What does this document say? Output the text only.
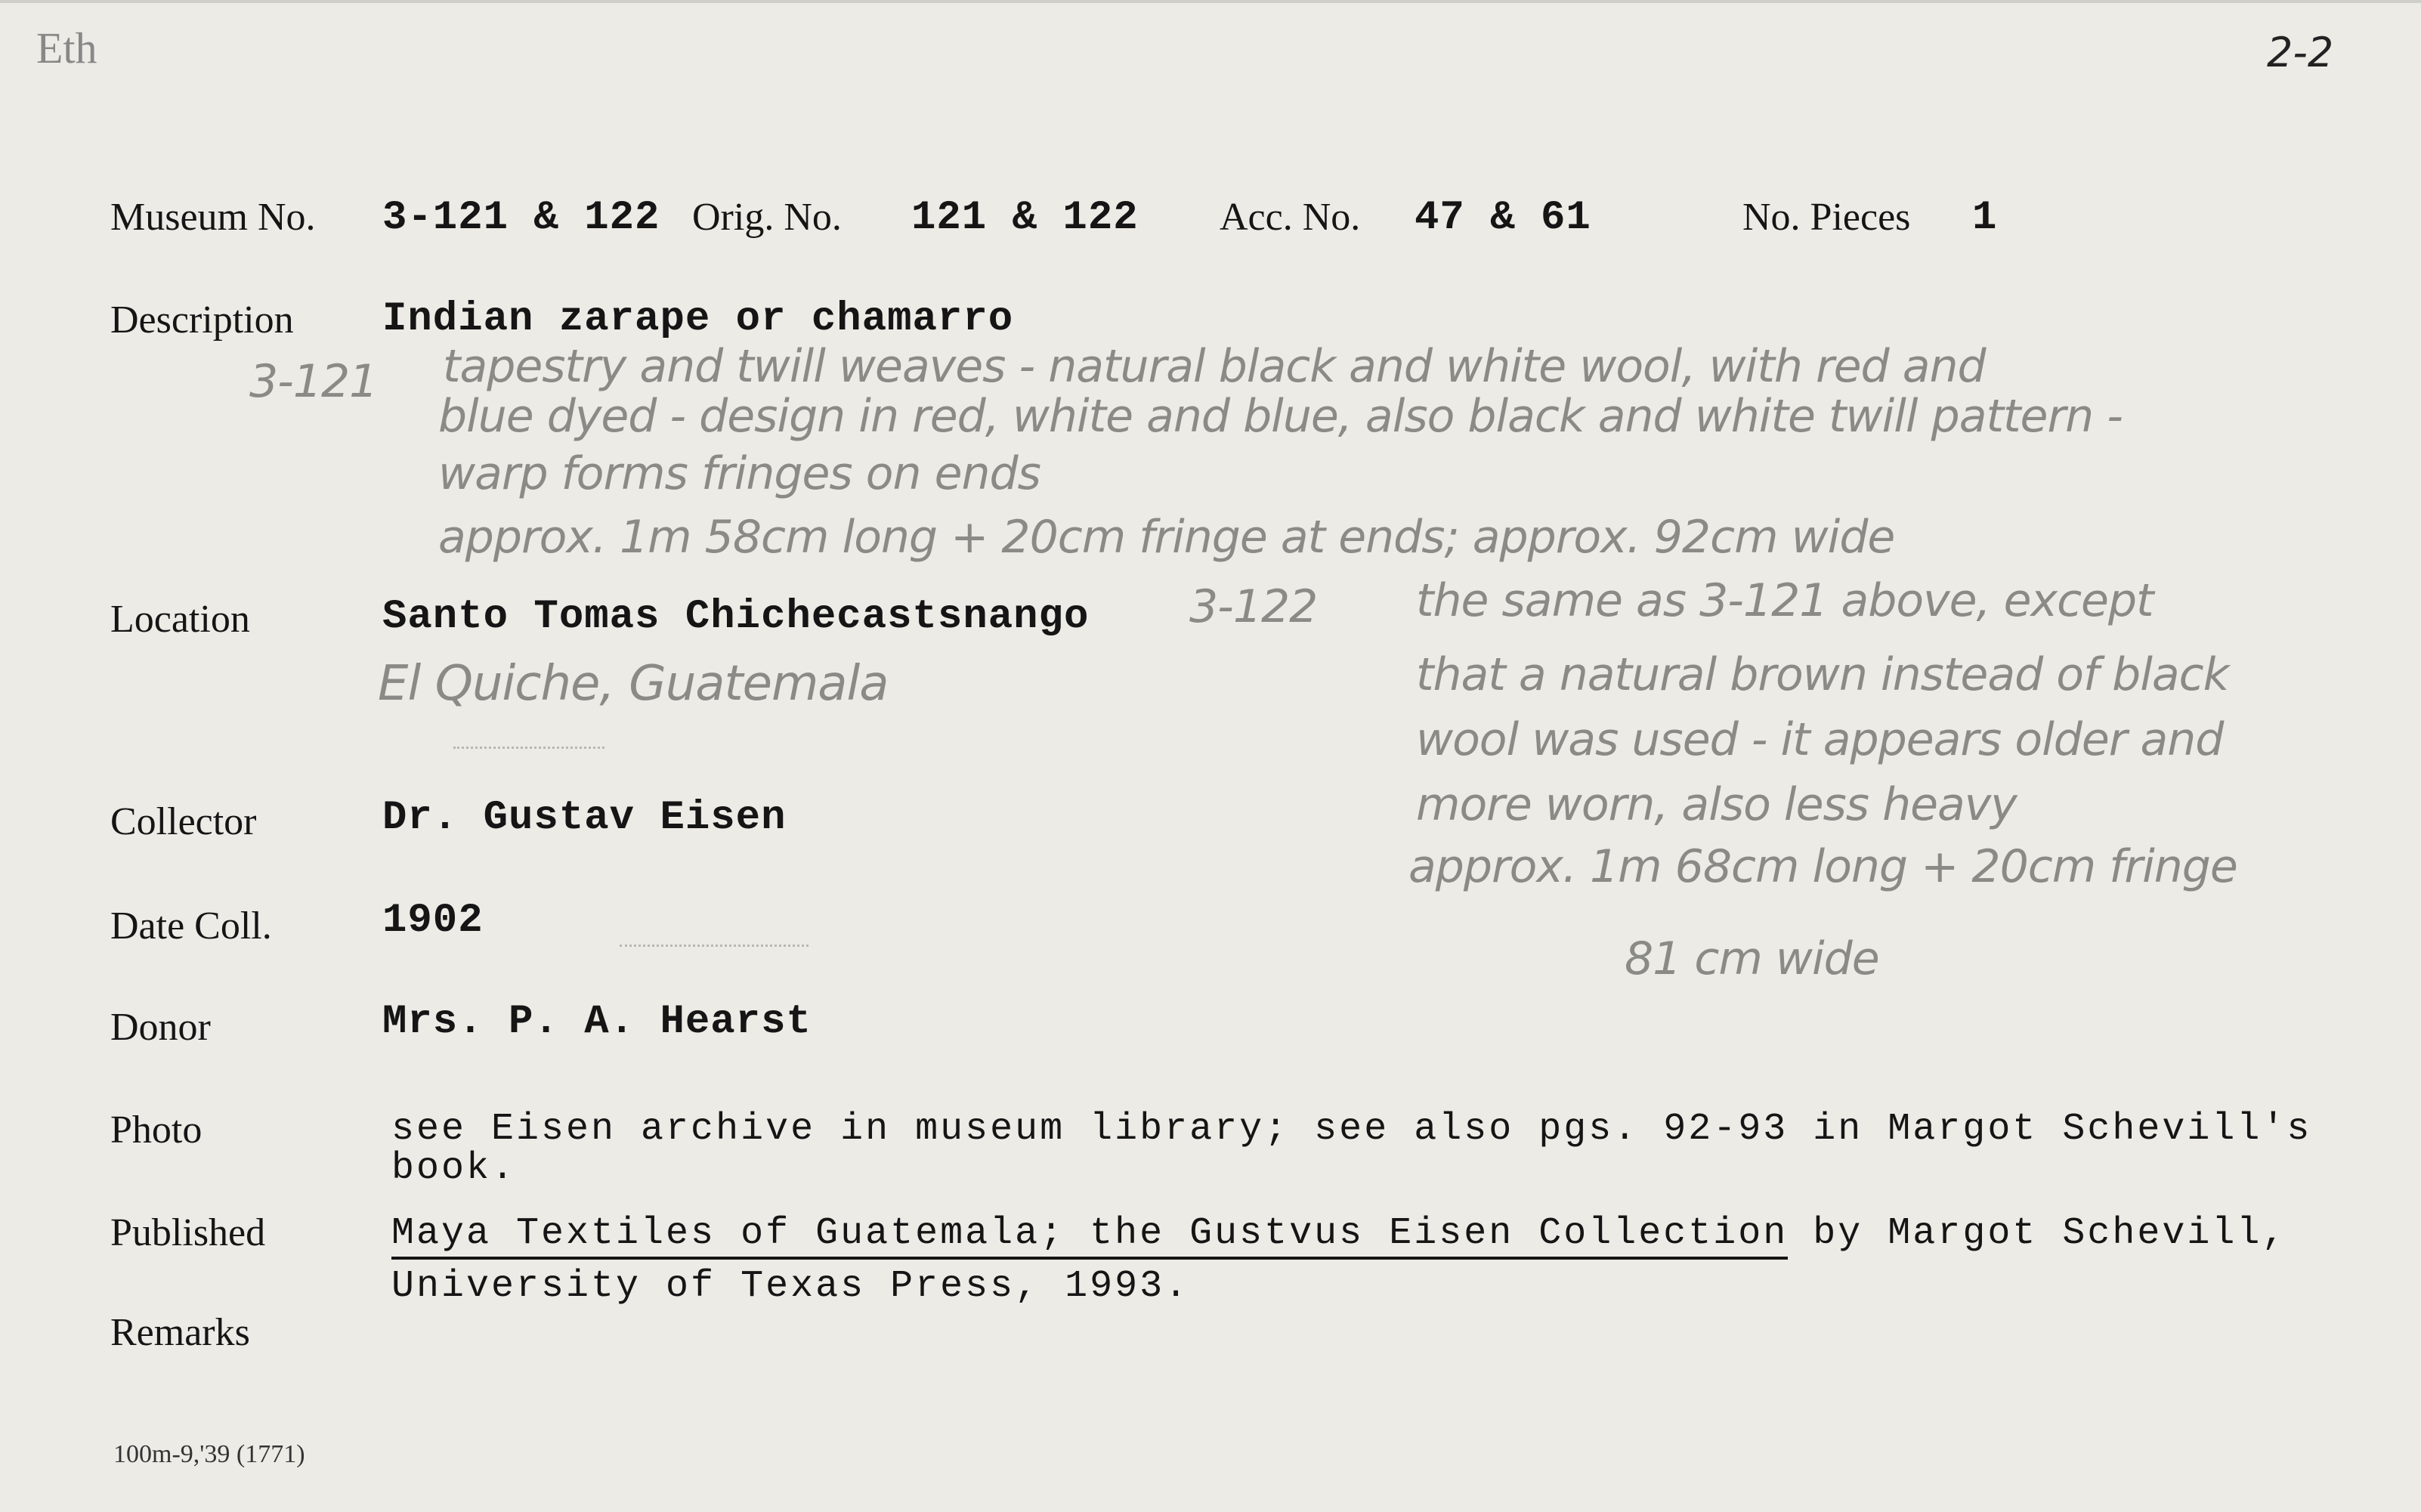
Eth	2-2
Museum No. 3-121 & 122 Orig. No. 121 & 122 Acc. No. 47 & 61	No. Pieces 1
Description Indian zarape or chamarro
3-121 tapestry and twill weaves - natural black and white wool, with red and
blue dyed - design in red, white and blue, also black and white twill pattern -
warp forms fringes on ends
approx. 1m 58cm long + 20cm fringe at ends; approx. 92cm wide
Location	Santo Tomas Chichecastsnango
El Quiche, Guatemala
3-122 the same as 3-121 above, except
that a natural brown instead of black
wool was used - it appears older and
more worn, also less heavy
approx. 1m 68cm long + 20cm fringe
81 cm wide
Collector	Dr. Gustav Eisen
Date Coll.	1902
Donor	Mrs. P. A. Hearst
Photo	see Eisen archive in museum library; see also pgs. 92-93 in Margot Schevill's
book.
Published	Maya Textiles of Guatemala; the Gustvus Eisen Collection by Margot Schevill,
University of Texas Press, 1993.
Remarks
100m-9,'39 (1771)
